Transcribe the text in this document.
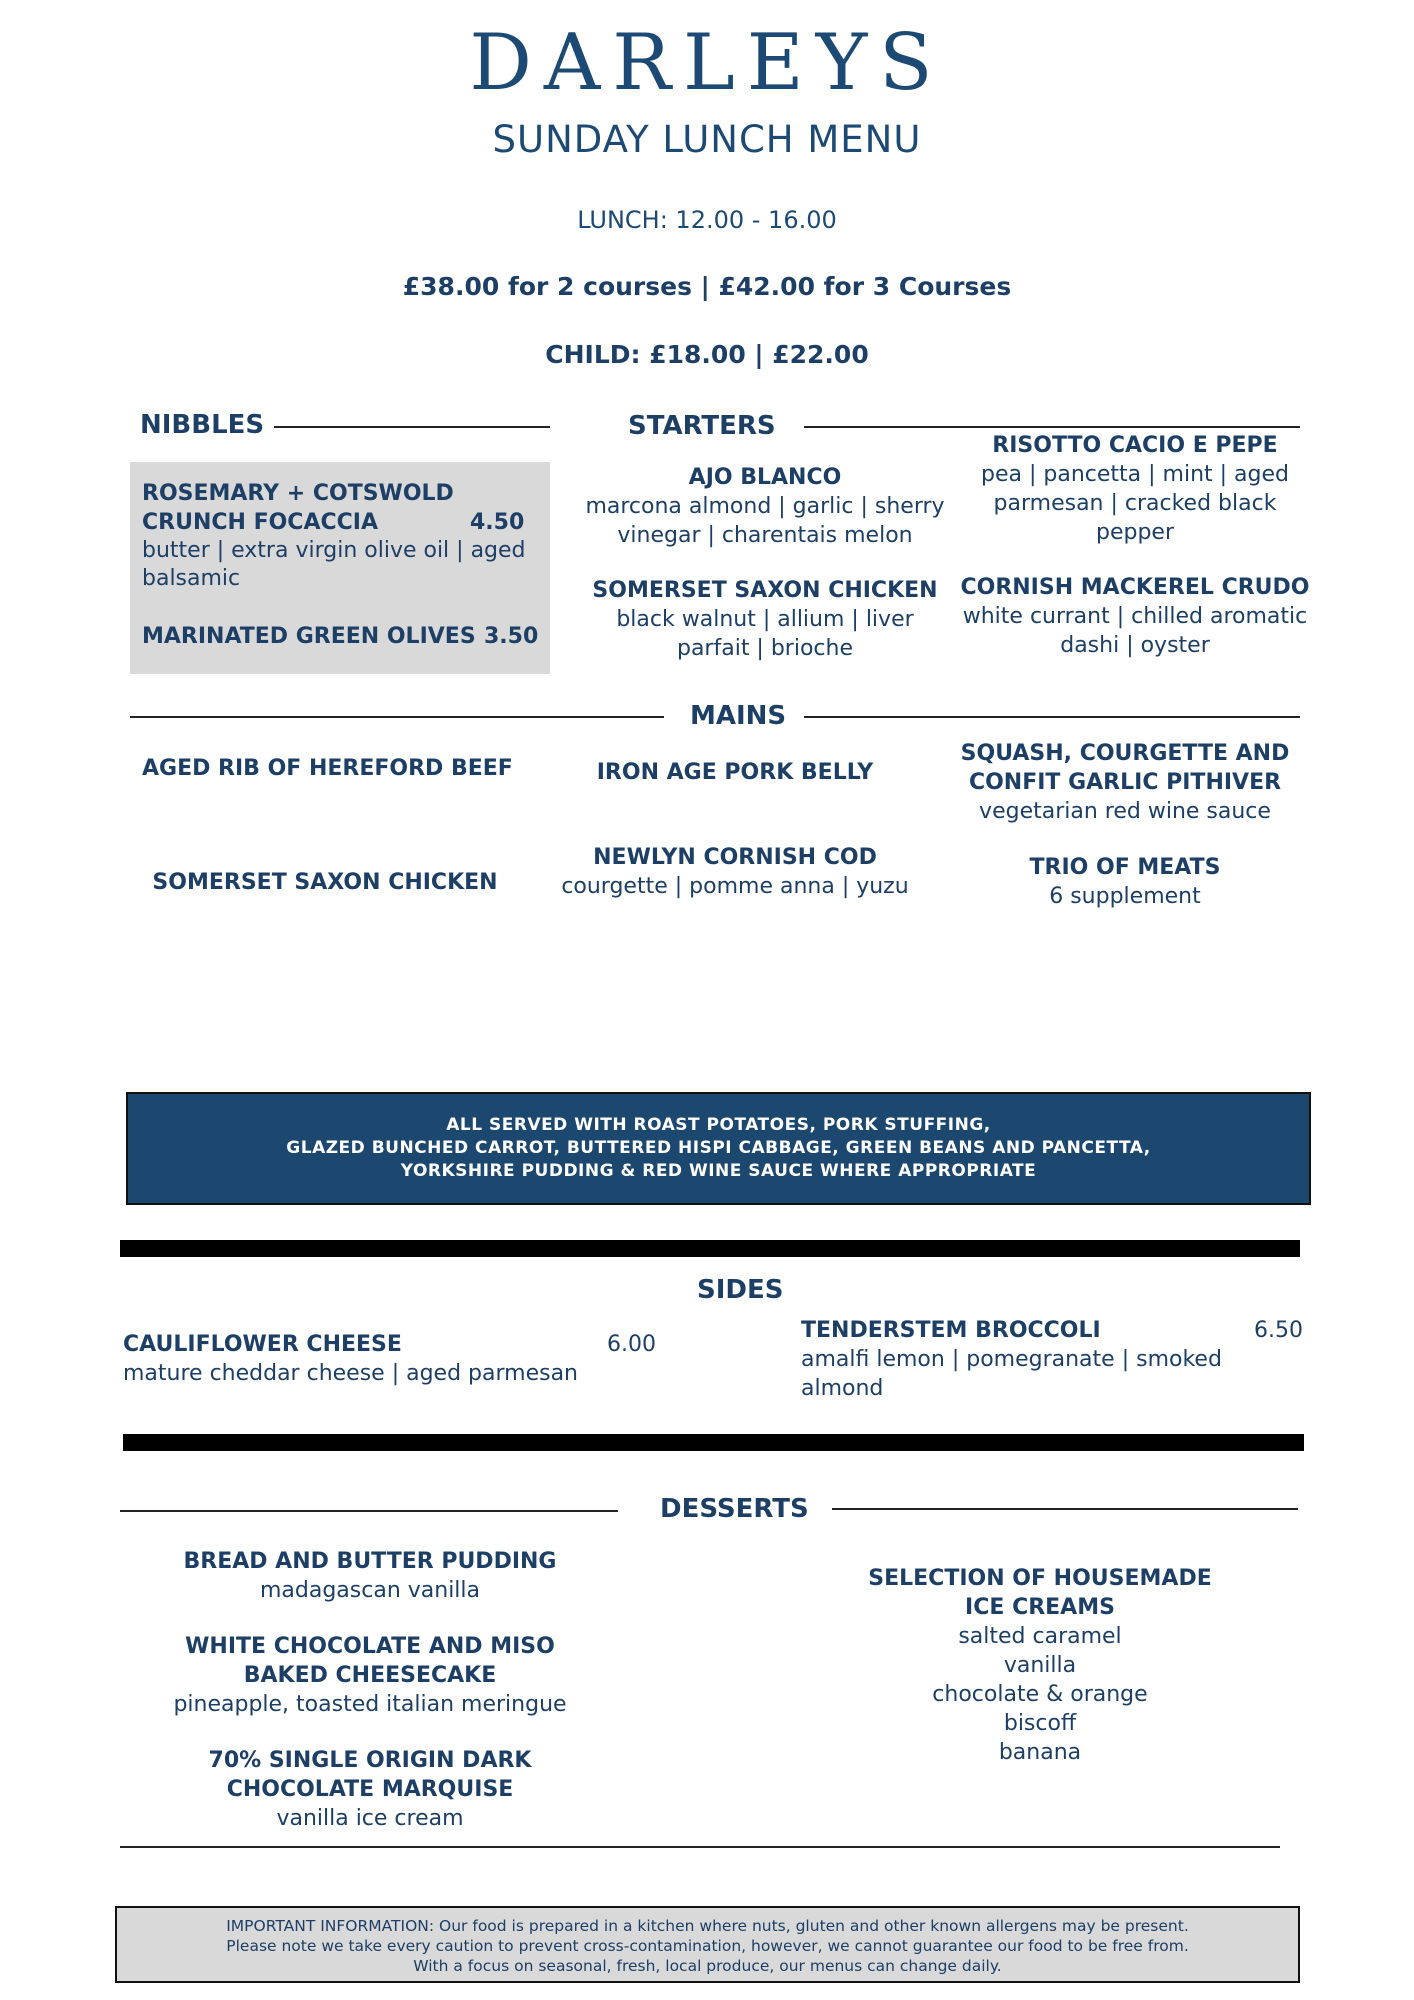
DARLEYS
SUNDAY LUNCH MENU
LUNCH: 12.00 - 16.00
£38.00 for 2 courses | £42.00 for 3 Courses
CHILD: £18.00 | £22.00
NIBBLES
ROSEMARY + COTSWOLD
CRUNCH FOCACCIA	4.50
butter | extra virgin olive oil | aged
balsamic
MARINATED GREEN OLIVES 3.50
STARTERS
AJO BLANCO
marcona almond | garlic | sherry
vinegar | charentais melon
SOMERSET SAXON CHICKEN
black walnut | allium | liver
parfait | brioche
RISOTTO CACIO E PEPE
pea | pancetta | mint | aged
parmesan | cracked black
pepper
CORNISH MACKEREL CRUDO
white currant | chilled aromatic
dashi | oyster
MAINS
AGED RIB OF HEREFORD BEEF	IRON AGE PORK BELLY
SQUASH, COURGETTE AND
CONFIT GARLIC PITHIVER
vegetarian red wine sauce
SOMERSET SAXON CHICKEN
NEWLYN CORNISH COD
courgette | pomme anna | yuzu
TRIO OF MEATS
6 supplement
ALL SERVED WITH ROAST POTATOES, PORK STUFFING,
GLAZED BUNCHED CARROT, BUTTERED HISPI CABBAGE, GREEN BEANS AND PANCETTA,
YORKSHIRE PUDDING & RED WINE SAUCE WHERE APPROPRIATE
SIDES
CAULIFLOWER CHEESE	6.00
mature cheddar cheese | aged parmesan
TENDERSTEM BROCCOLI	6.50
amalfi lemon | pomegranate | smoked
almond
DESSERTS
BREAD AND BUTTER PUDDING
madagascan vanilla
WHITE CHOCOLATE AND MISO
BAKED CHEESECAKE
pineapple, toasted italian meringue
70% SINGLE ORIGIN DARK
CHOCOLATE MARQUISE
vanilla ice cream
SELECTION OF HOUSEMADE
ICE CREAMS
salted caramel
vanilla
chocolate & orange
biscoff
banana
IMPORTANT INFORMATION: Our food is prepared in a kitchen where nuts, gluten and other known allergens may be present.
Please note we take every caution to prevent cross-contamination, however, we cannot guarantee our food to be free from.
With a focus on seasonal, fresh, local produce, our menus can change daily.
